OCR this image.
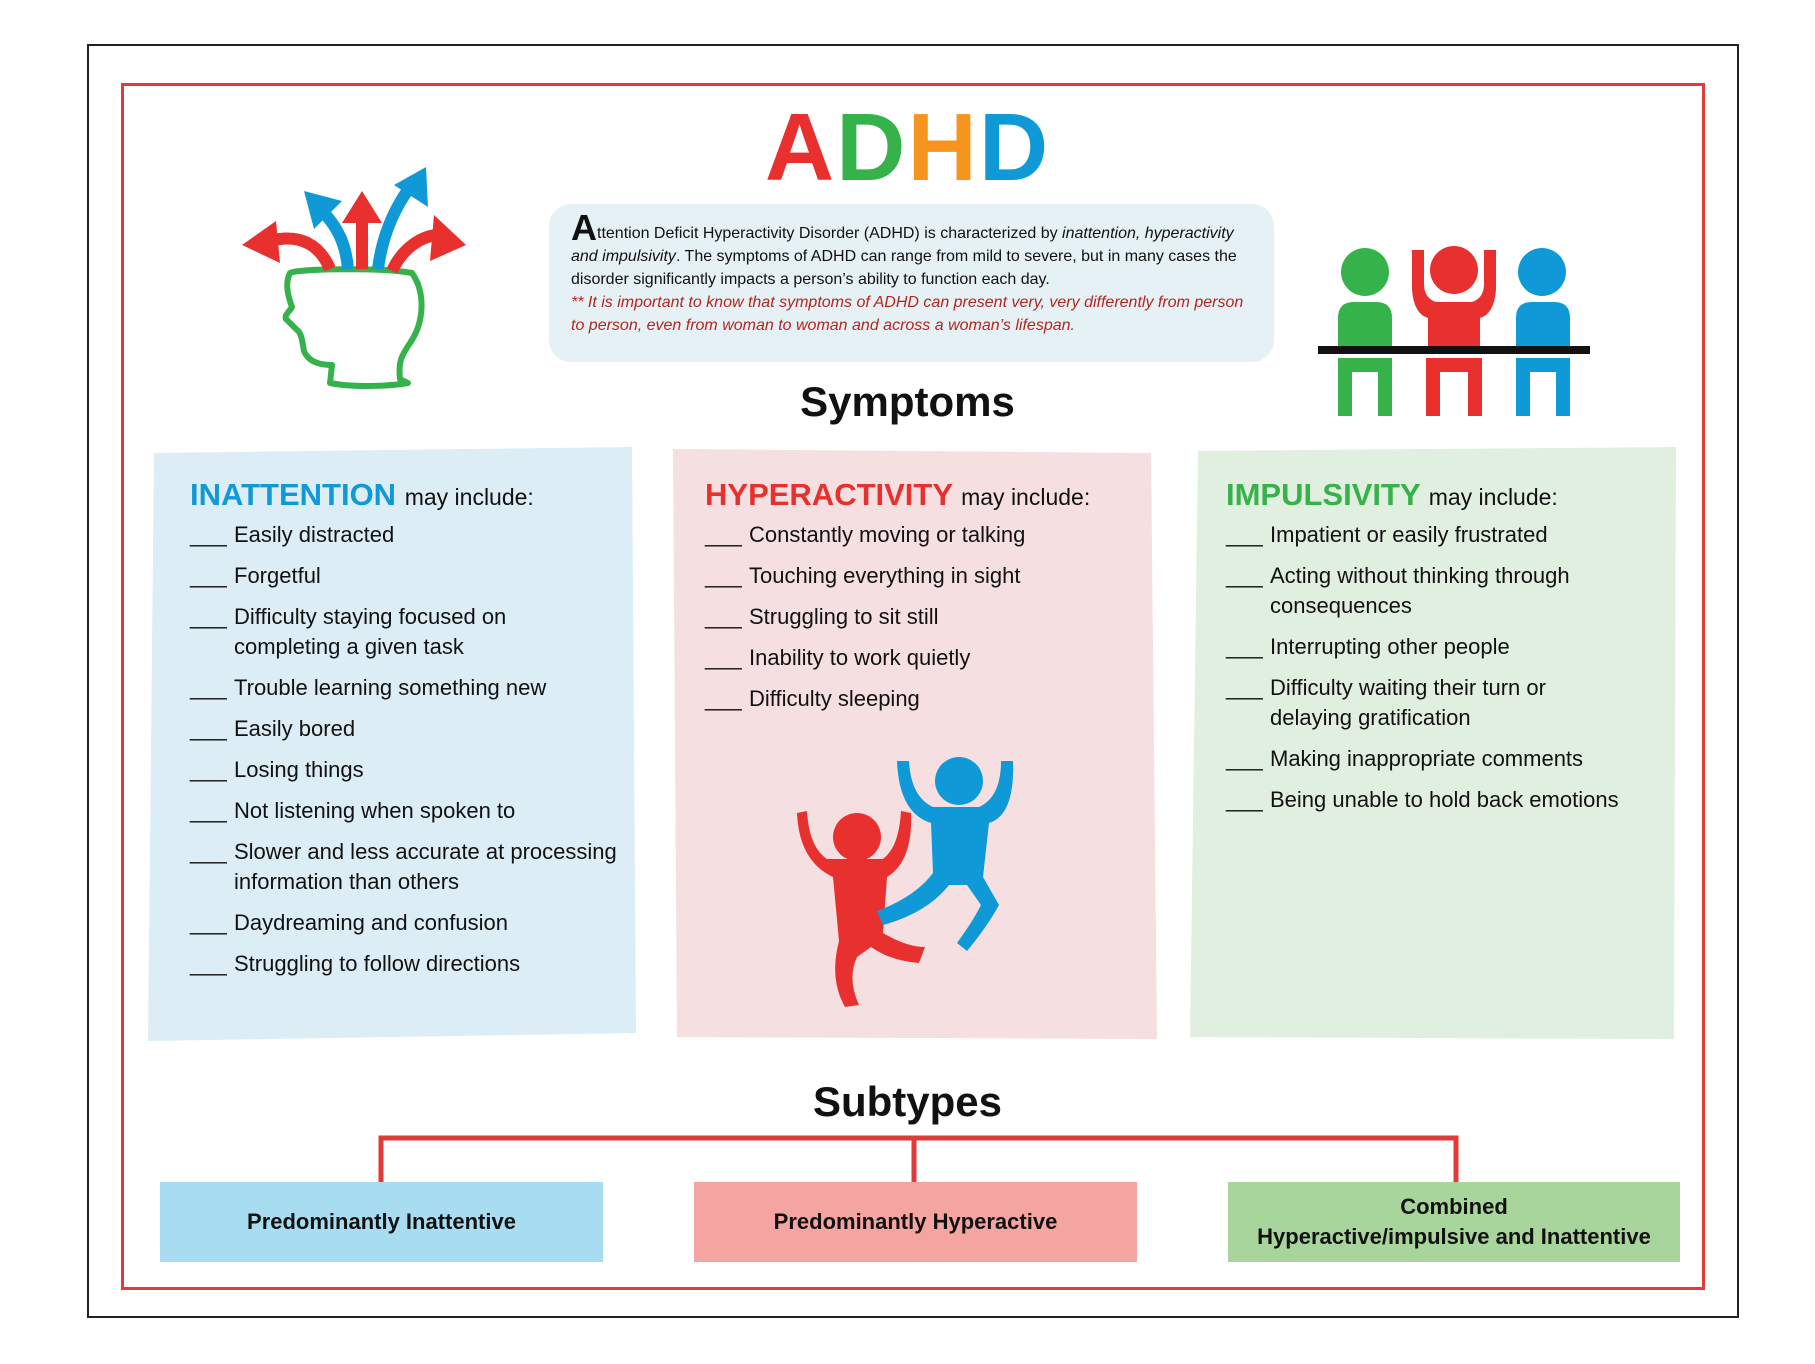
ADHD
Attention Deficit Hyperactivity Disorder (ADHD) is characterized by inattention, hyperactivity and impulsivity. The symptoms of ADHD can range from mild to severe, but in many cases the disorder significantly impacts a person’s ability to function each day.
** It is important to know that symptoms of ADHD can present very, very differently from person to person, even from woman to woman and across a woman’s lifespan.
Symptoms
INATTENTION may include:
___ Easily distracted
___ Forgetful
___ Difficulty staying focused on completing a given task
___ Trouble learning something new
___ Easily bored
___ Losing things
___ Not listening when spoken to
___ Slower and less accurate at processing information than others
___ Daydreaming and confusion
___ Struggling to follow directions
HYPERACTIVITY may include:
___ Constantly moving or talking
___ Touching everything in sight
___ Struggling to sit still
___ Inability to work quietly
___ Difficulty sleeping
IMPULSIVITY may include:
___ Impatient or easily frustrated
___ Acting without thinking through consequences
___ Interrupting other people
___ Difficulty waiting their turn or delaying gratification
___ Making inappropriate comments
___ Being unable to hold back emotions
Subtypes
Predominantly Inattentive	Predominantly Hyperactive
Combined
Hyperactive/impulsive and Inattentive
